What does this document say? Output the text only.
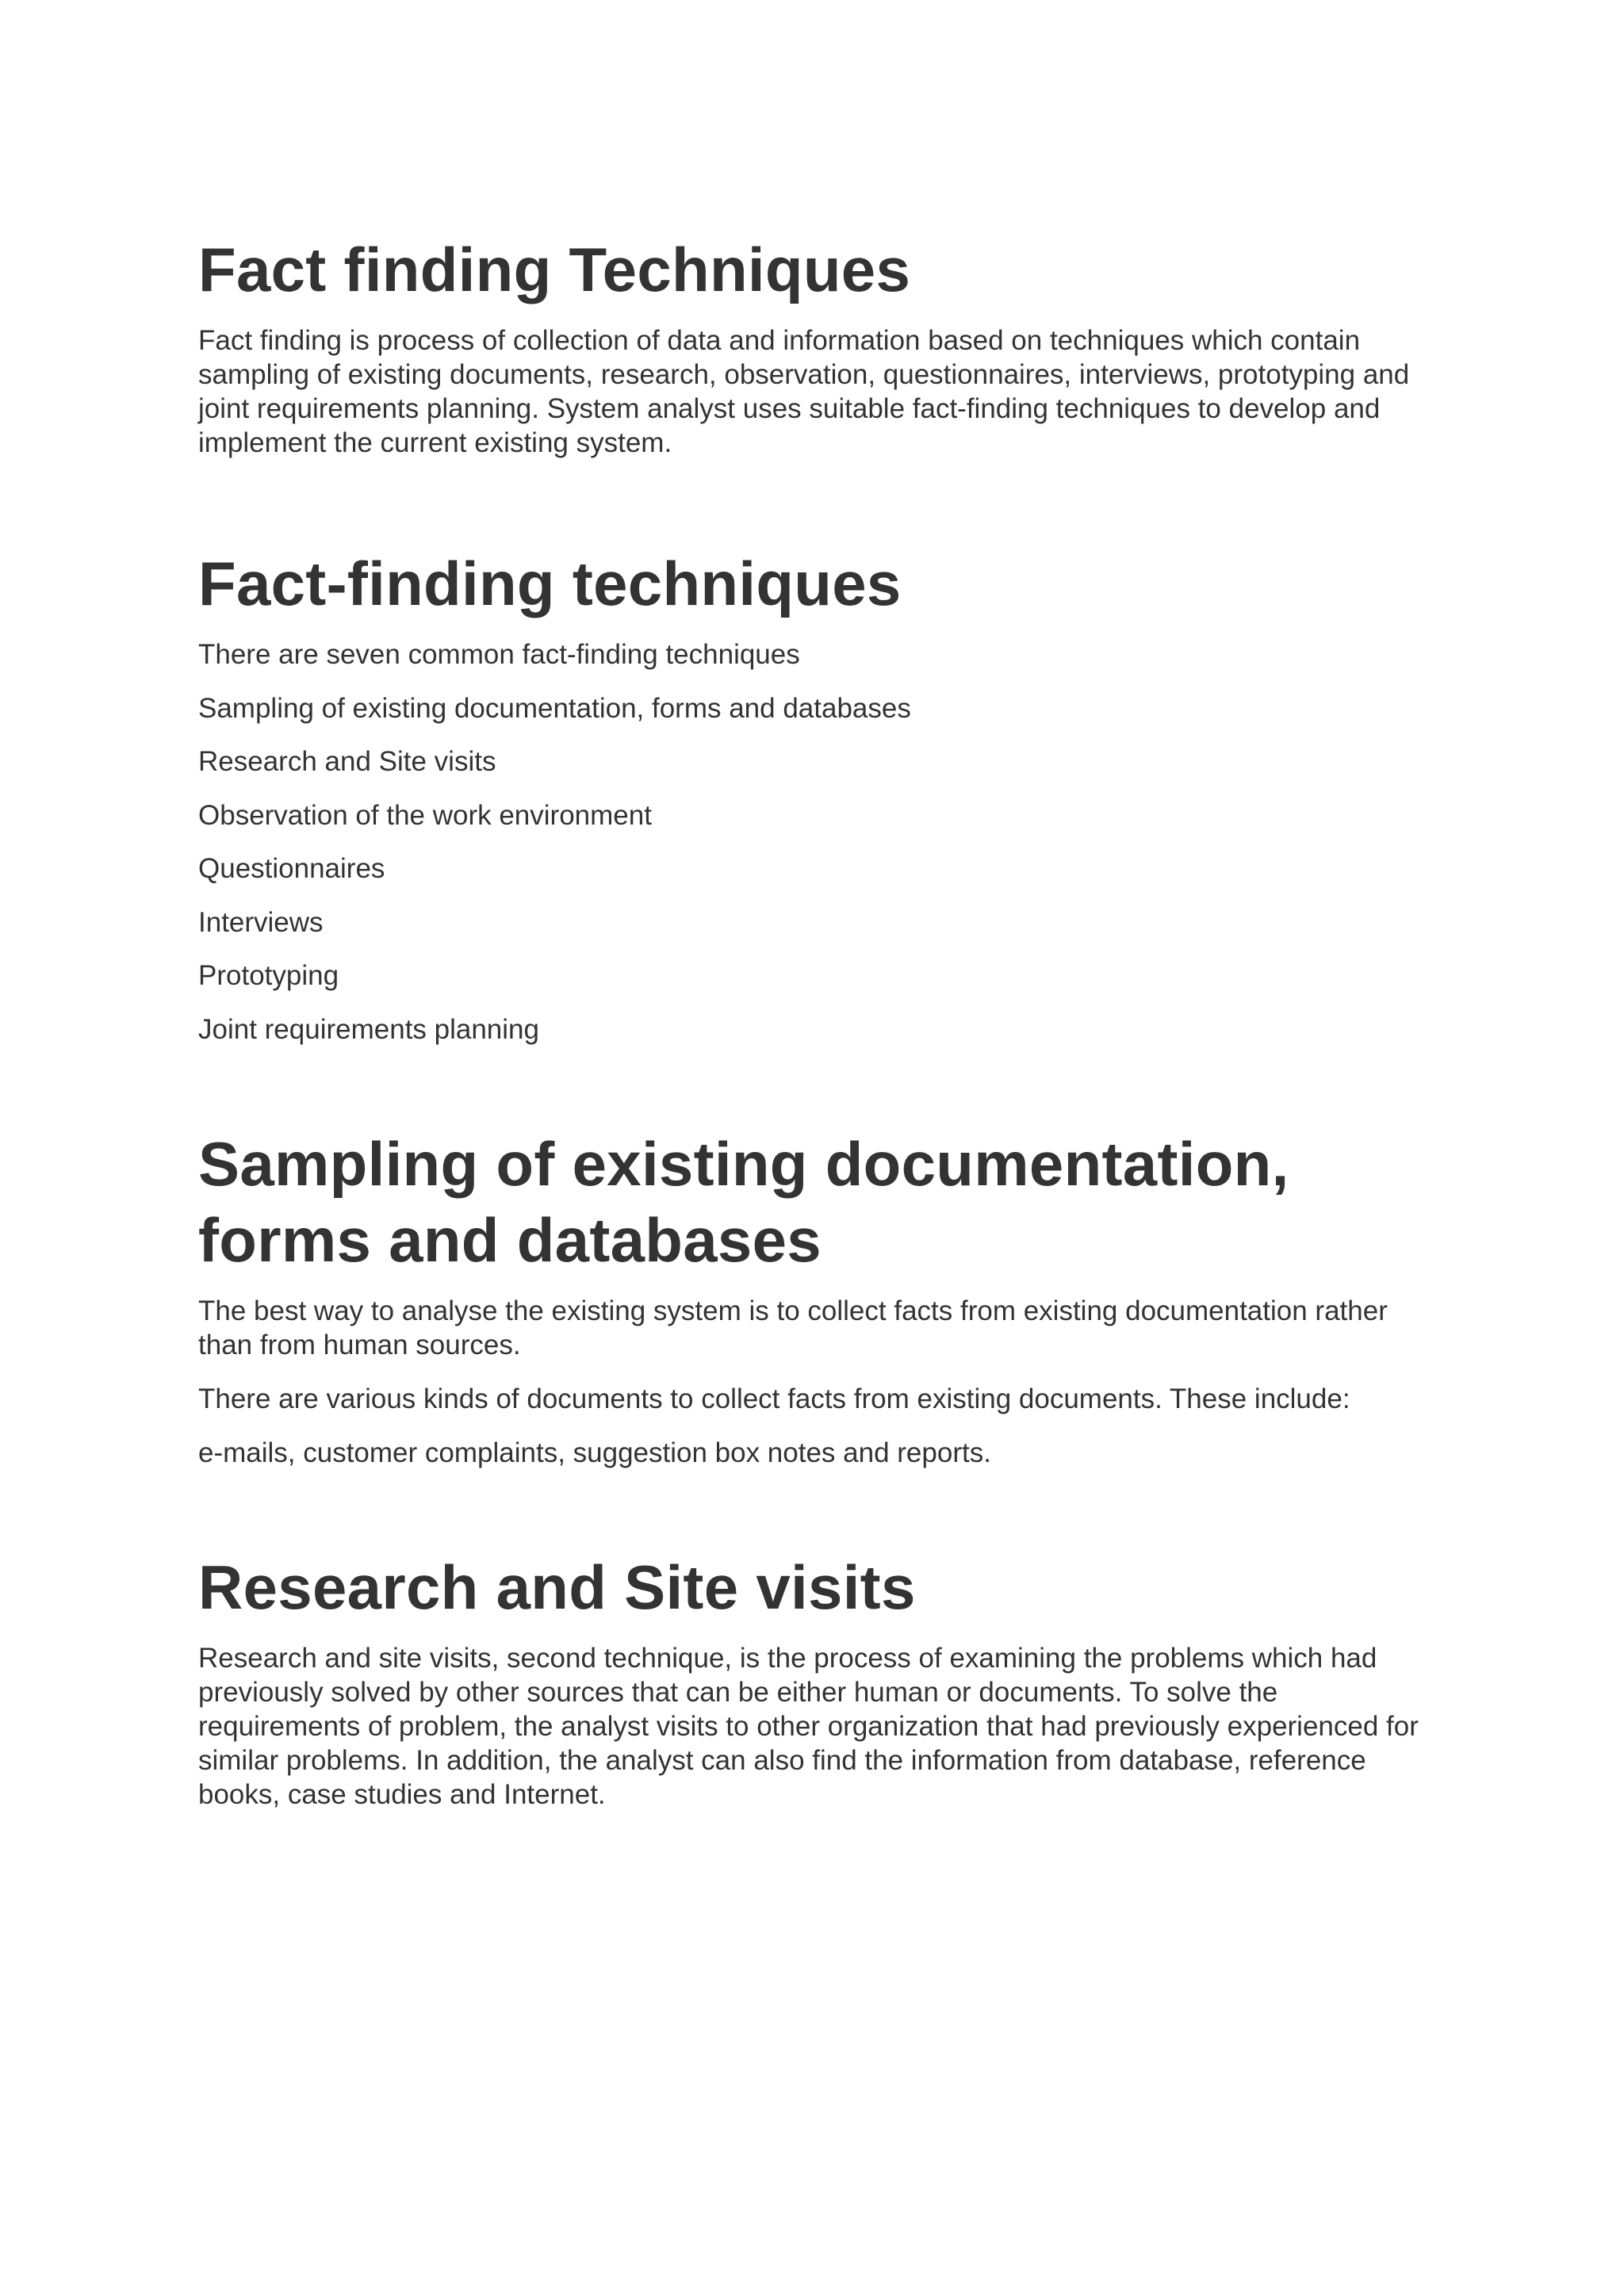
Fact finding Techniques

Fact finding is process of collection of data and information based on techniques which contain sampling of existing documents, research, observation, questionnaires, interviews, prototyping and joint requirements planning. System analyst uses suitable fact-finding techniques to develop and implement the current existing system.

Fact-finding techniques

There are seven common fact-finding techniques

Sampling of existing documentation, forms and databases

Research and Site visits

Observation of the work environment

Questionnaires

Interviews

Prototyping

Joint requirements planning

Sampling of existing documentation, forms and databases

The best way to analyse the existing system is to collect facts from existing documentation rather than from human sources.

There are various kinds of documents to collect facts from existing documents. These include:

e-mails, customer complaints, suggestion box notes and reports.

Research and Site visits

Research and site visits, second technique, is the process of examining the problems which had previously solved by other sources that can be either human or documents. To solve the requirements of problem, the analyst visits to other organization that had previously experienced for similar problems. In addition, the analyst can also find the information from database, reference books, case studies and Internet.
